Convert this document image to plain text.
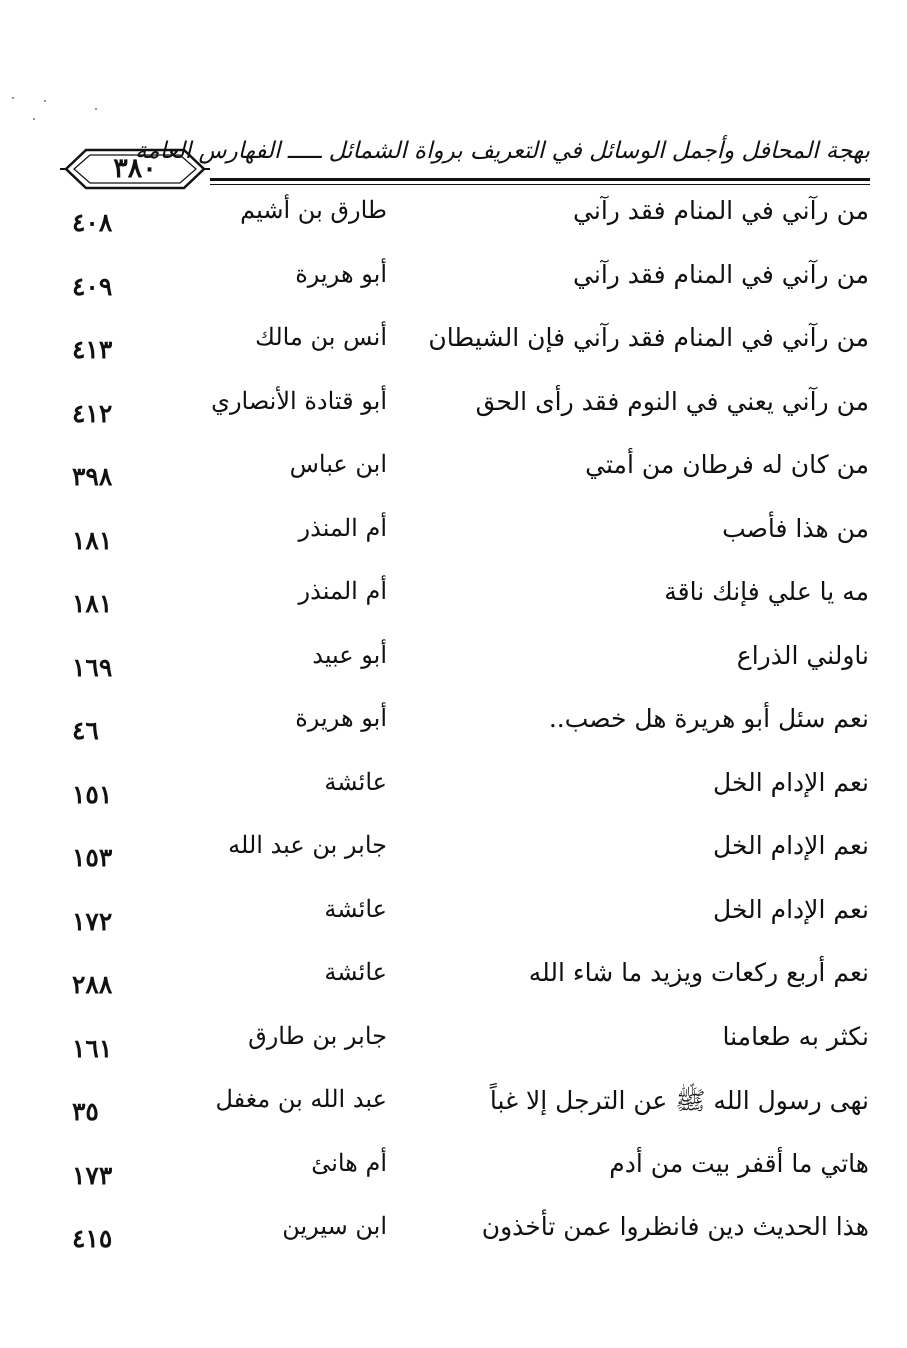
بهجة المحافل وأجمل الوسائل في التعريف برواة الشمائل ـــــ الفهارس العامة
٣٨٠
من رآني في المنام فقد رآني
طارق بن أشيم
٤٠٨
من رآني في المنام فقد رآني
أبو هريرة
٤٠٩
من رآني في المنام فقد رآني فإن الشيطان
أنس بن مالك
٤١٣
من رآني يعني في النوم فقد رأى الحق
أبو قتادة الأنصاري
٤١٢
من كان له فرطان من أمتي
ابن عباس
٣٩٨
من هذا فأصب
أم المنذر
١٨١
مه يا علي فإنك ناقة
أم المنذر
١٨١
ناولني الذراع
أبو عبيد
١٦٩
نعم سئل أبو هريرة هل خصب..
أبو هريرة
٤٦
نعم الإدام الخل
عائشة
١٥١
نعم الإدام الخل
جابر بن عبد الله
١٥٣
نعم الإدام الخل
عائشة
١٧٢
نعم أربع ركعات ويزيد ما شاء الله
عائشة
٢٨٨
نكثر به طعامنا
جابر بن طارق
١٦١
نهى رسول الله ﷺ عن الترجل إلا غباً
عبد الله بن مغفل
٣٥
هاتي ما أقفر بيت من أدم
أم هانئ
١٧٣
هذا الحديث دين فانظروا عمن تأخذون
ابن سيرين
٤١٥
